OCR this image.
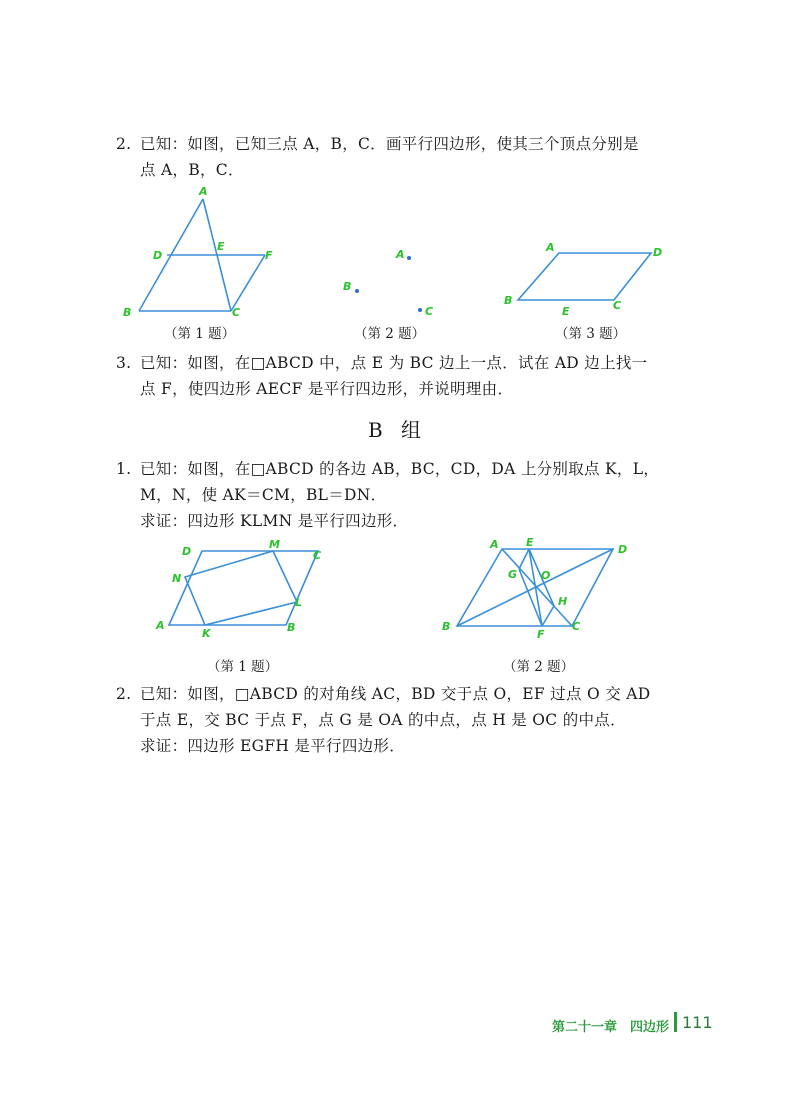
2. 已知：如图，已知三点 A，B，C．画平行四边形，使其三个顶点分别是
点 A，B，C．
A
D
E
F
B	C
（第 1 题）
A
B
C
（第 2 题）
A	D
B
E	C
（第 3 题）
3. 已知：如图，在□ABCD 中，点 E 为 BC 边上一点．试在 AD 边上找一
点 F，使四边形 AECF 是平行四边形，并说明理由．
B 组
1. 已知：如图，在□ABCD 的各边 AB，BC，CD，DA 上分别取点 K，L，
M，N，使 AK＝CM，BL＝DN．
求证：四边形 KLMN 是平行四边形．
D
M
C
N
L
A
K	B
（第 1 题）
A E
D
G O
H
B
F
C
（第 2 题）
2. 已知：如图，□ABCD 的对角线 AC，BD 交于点 O，EF 过点 O 交 AD
于点 E，交 BC 于点 F，点 G 是 OA 的中点，点 H 是 OC 的中点．
求证：四边形 EGFH 是平行四边形．
第二十一章 四边形 111
